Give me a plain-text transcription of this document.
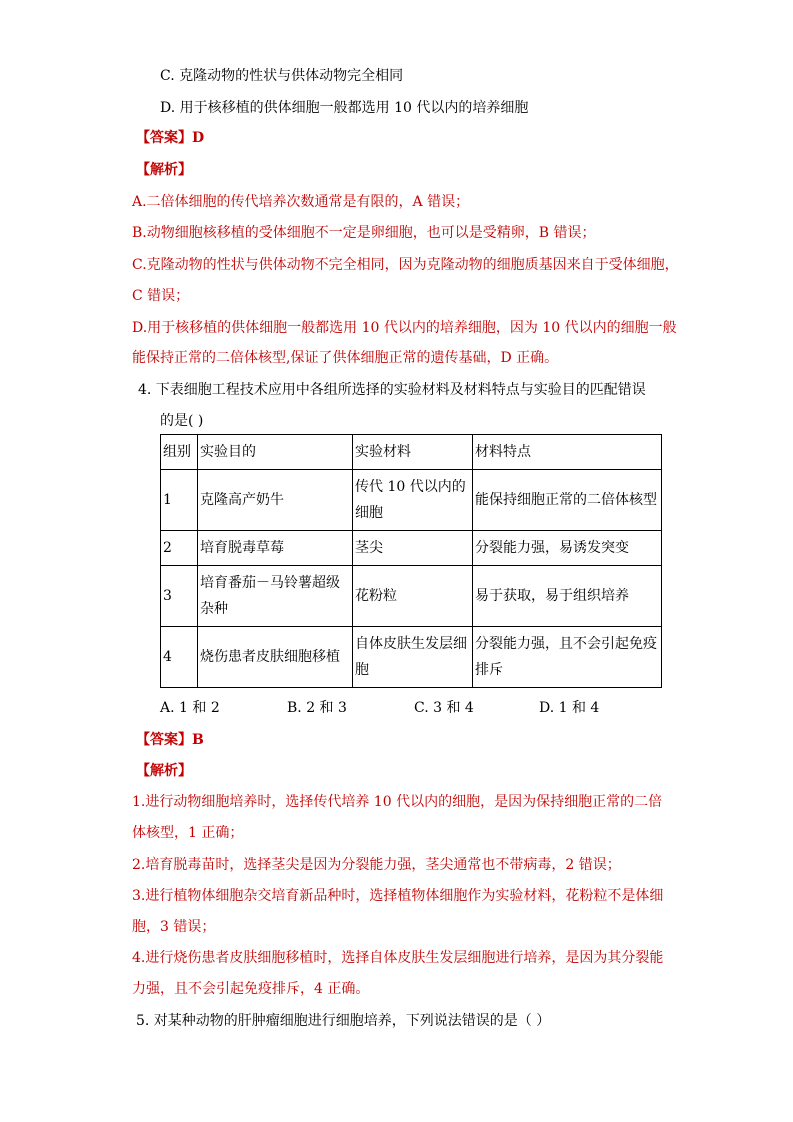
C. 克隆动物的性状与供体动物完全相同
D. 用于核移植的供体细胞一般都选用 10 代以内的培养细胞
【答案】D
【解析】
A.二倍体细胞的传代培养次数通常是有限的，A 错误；
B.动物细胞核移植的受体细胞不一定是卵细胞，也可以是受精卵，B 错误；
C.克隆动物的性状与供体动物不完全相同，因为克隆动物的细胞质基因来自于受体细胞，
C 错误；
D.用于核移植的供体细胞一般都选用 10 代以内的培养细胞，因为 10 代以内的细胞一般
能保持正常的二倍体核型,保证了供体细胞正常的遗传基础，D 正确。
4. 下表细胞工程技术应用中各组所选择的实验材料及材料特点与实验目的匹配错误
的是( )
组别	实验目的	实验材料	材料特点
1	克隆高产奶牛	传代 10 代以内的细胞	能保持细胞正常的二倍体核型
2	培育脱毒草莓	茎尖	分裂能力强，易诱发突变
3	培育番茄－马铃薯超级杂种	花粉粒	易于获取，易于组织培养
4	烧伤患者皮肤细胞移植	自体皮肤生发层细胞	分裂能力强，且不会引起免疫排斥
A. 1 和 2	B. 2 和 3	C. 3 和 4	D. 1 和 4
【答案】B
【解析】
1.进行动物细胞培养时，选择传代培养 10 代以内的细胞，是因为保持细胞正常的二倍
体核型，1 正确；
2.培育脱毒苗时，选择茎尖是因为分裂能力强，茎尖通常也不带病毒，2 错误；
3.进行植物体细胞杂交培育新品种时，选择植物体细胞作为实验材料，花粉粒不是体细
胞，3 错误；
4.进行烧伤患者皮肤细胞移植时，选择自体皮肤生发层细胞进行培养，是因为其分裂能
力强，且不会引起免疫排斥，4 正确。
5. 对某种动物的肝肿瘤细胞进行细胞培养，下列说法错误的是（ ）
